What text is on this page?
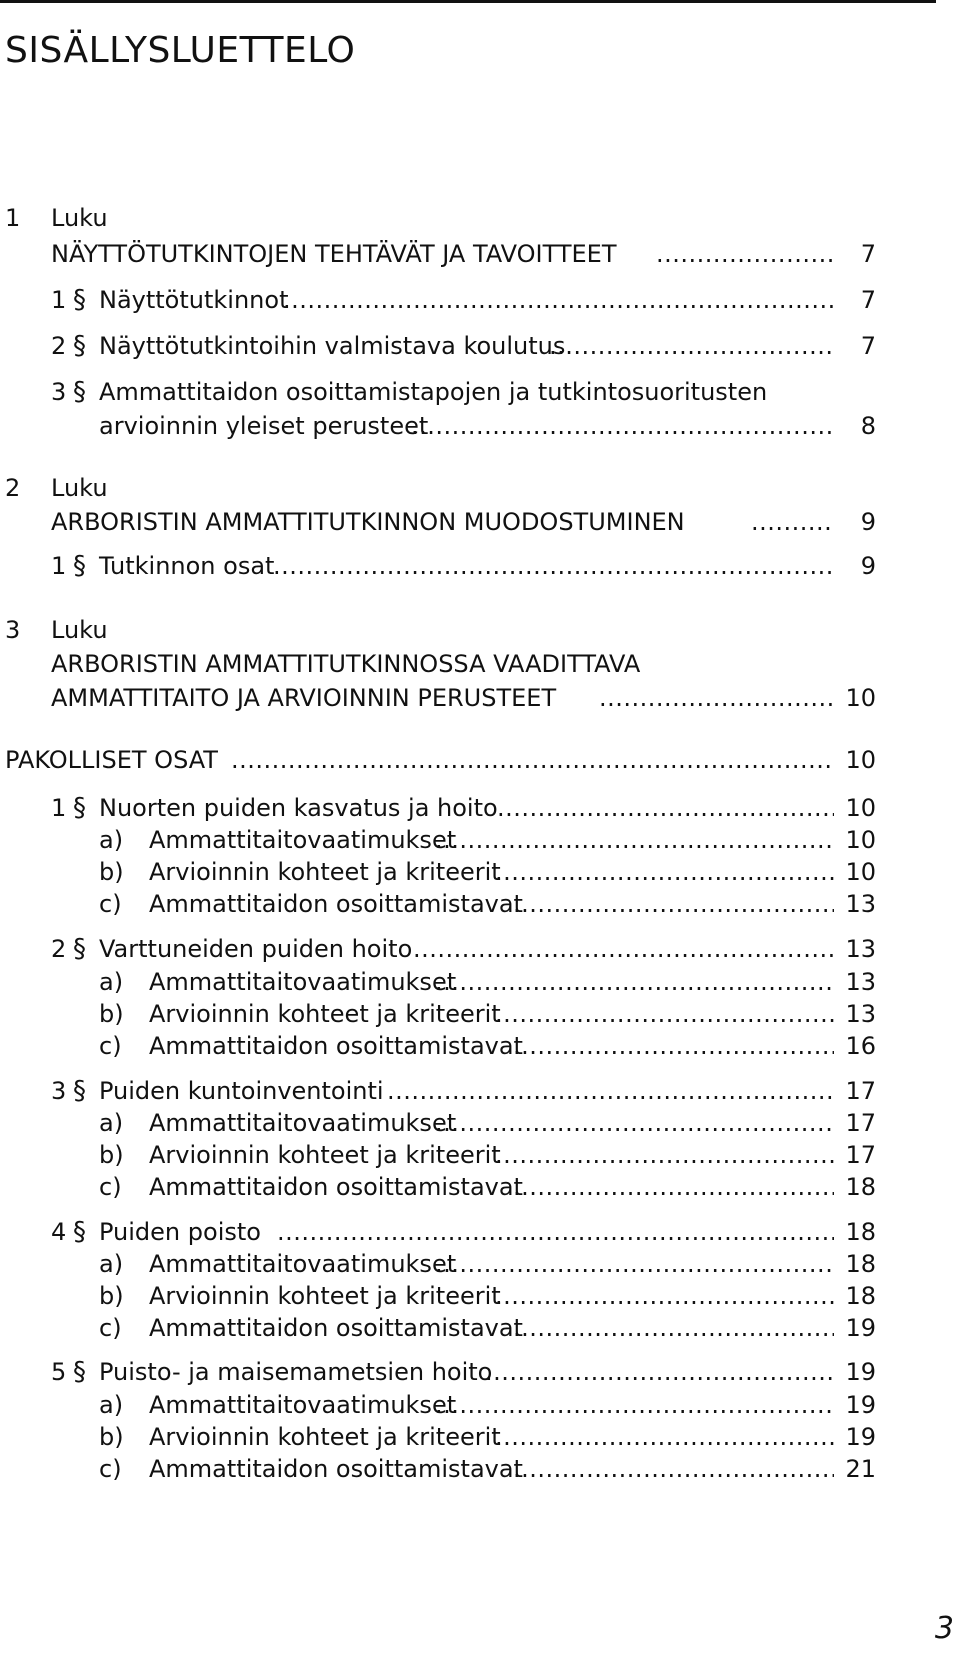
SISÄLLYSLUETTELO
1 Luku
NÄYTTÖTUTKINTOJEN TEHTÄVÄT JA TAVOITTEET .....	7
1 § Näyttötutkinnot .....	7
2 § Näyttötutkintoihin valmistava koulutus .....	7
3 § Ammattitaidon osoittamistapojen ja tutkintosuoritusten
arvioinnin yleiset perusteet .....	8
2 Luku
ARBORISTIN AMMATTITUTKINNON MUODOSTUMINEN .....	9
1 § Tutkinnon osat .....	9
3 Luku
ARBORISTIN AMMATTITUTKINNOSSA VAADITTAVA
AMMATTITAITO JA ARVIOINNIN PERUSTEET .....	10
PAKOLLISET OSAT .....	10
1 § Nuorten puiden kasvatus ja hoito .....	10
a) Ammattitaitovaatimukset .....	10
b) Arvioinnin kohteet ja kriteerit .....	10
c) Ammattitaidon osoittamistavat .....	13
2 § Varttuneiden puiden hoito .....	13
a) Ammattitaitovaatimukset .....	13
b) Arvioinnin kohteet ja kriteerit .....	13
c) Ammattitaidon osoittamistavat .....	16
3 § Puiden kuntoinventointi .....	17
a) Ammattitaitovaatimukset .....	17
b) Arvioinnin kohteet ja kriteerit .....	17
c) Ammattitaidon osoittamistavat .....	18
4 § Puiden poisto .....	18
a) Ammattitaitovaatimukset .....	18
b) Arvioinnin kohteet ja kriteerit .....	18
c) Ammattitaidon osoittamistavat .....	19
5 § Puisto- ja maisemametsien hoito .....	19
a) Ammattitaitovaatimukset .....	19
b) Arvioinnin kohteet ja kriteerit .....	19
c) Ammattitaidon osoittamistavat .....	21
3
